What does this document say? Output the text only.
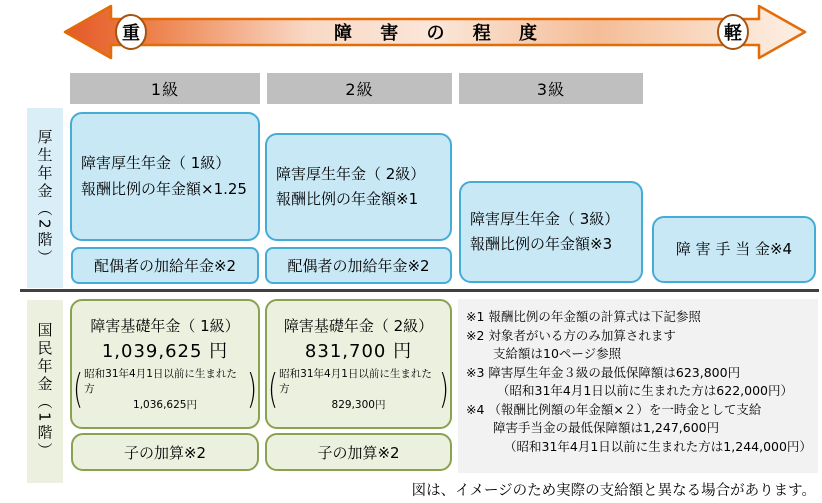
重	軽
障 害 の 程 度
1級	2級	3級
厚生年金（2階）
国民年金（1階）
障害厚生年金（ 1級）
報酬比例の年金額×1.25
障害厚生年金（ 2級）
報酬比例の年金額※1
障害厚生年金（ 3級）
報酬比例の年金額※3	障 害 手 当 金※4
配偶者の加給年金※2	配偶者の加給年金※2
障害基礎年金（ 1級）
1,039,625 円
( 昭和31年4月1日以前に生まれた方
1,036,625円 )
障害基礎年金（ 2級）
831,700 円
( 昭和31年4月1日以前に生まれた方
829,300円 )
子の加算※2	子の加算※2
※1 報酬比例の年金額の計算式は下記参照
※2 対象者がいる方のみ加算されます
支給額は10ページ参照
※3 障害厚生年金３級の最低保障額は623,800円
（昭和31年4月1日以前に生まれた方は622,000円）
※4 （報酬比例額の年金額×２）を一時金として支給
障害手当金の最低保障額は1,247,600円
（昭和31年4月1日以前に生まれた方は1,244,000円）
図は、イメージのため実際の支給額と異なる場合があります。
